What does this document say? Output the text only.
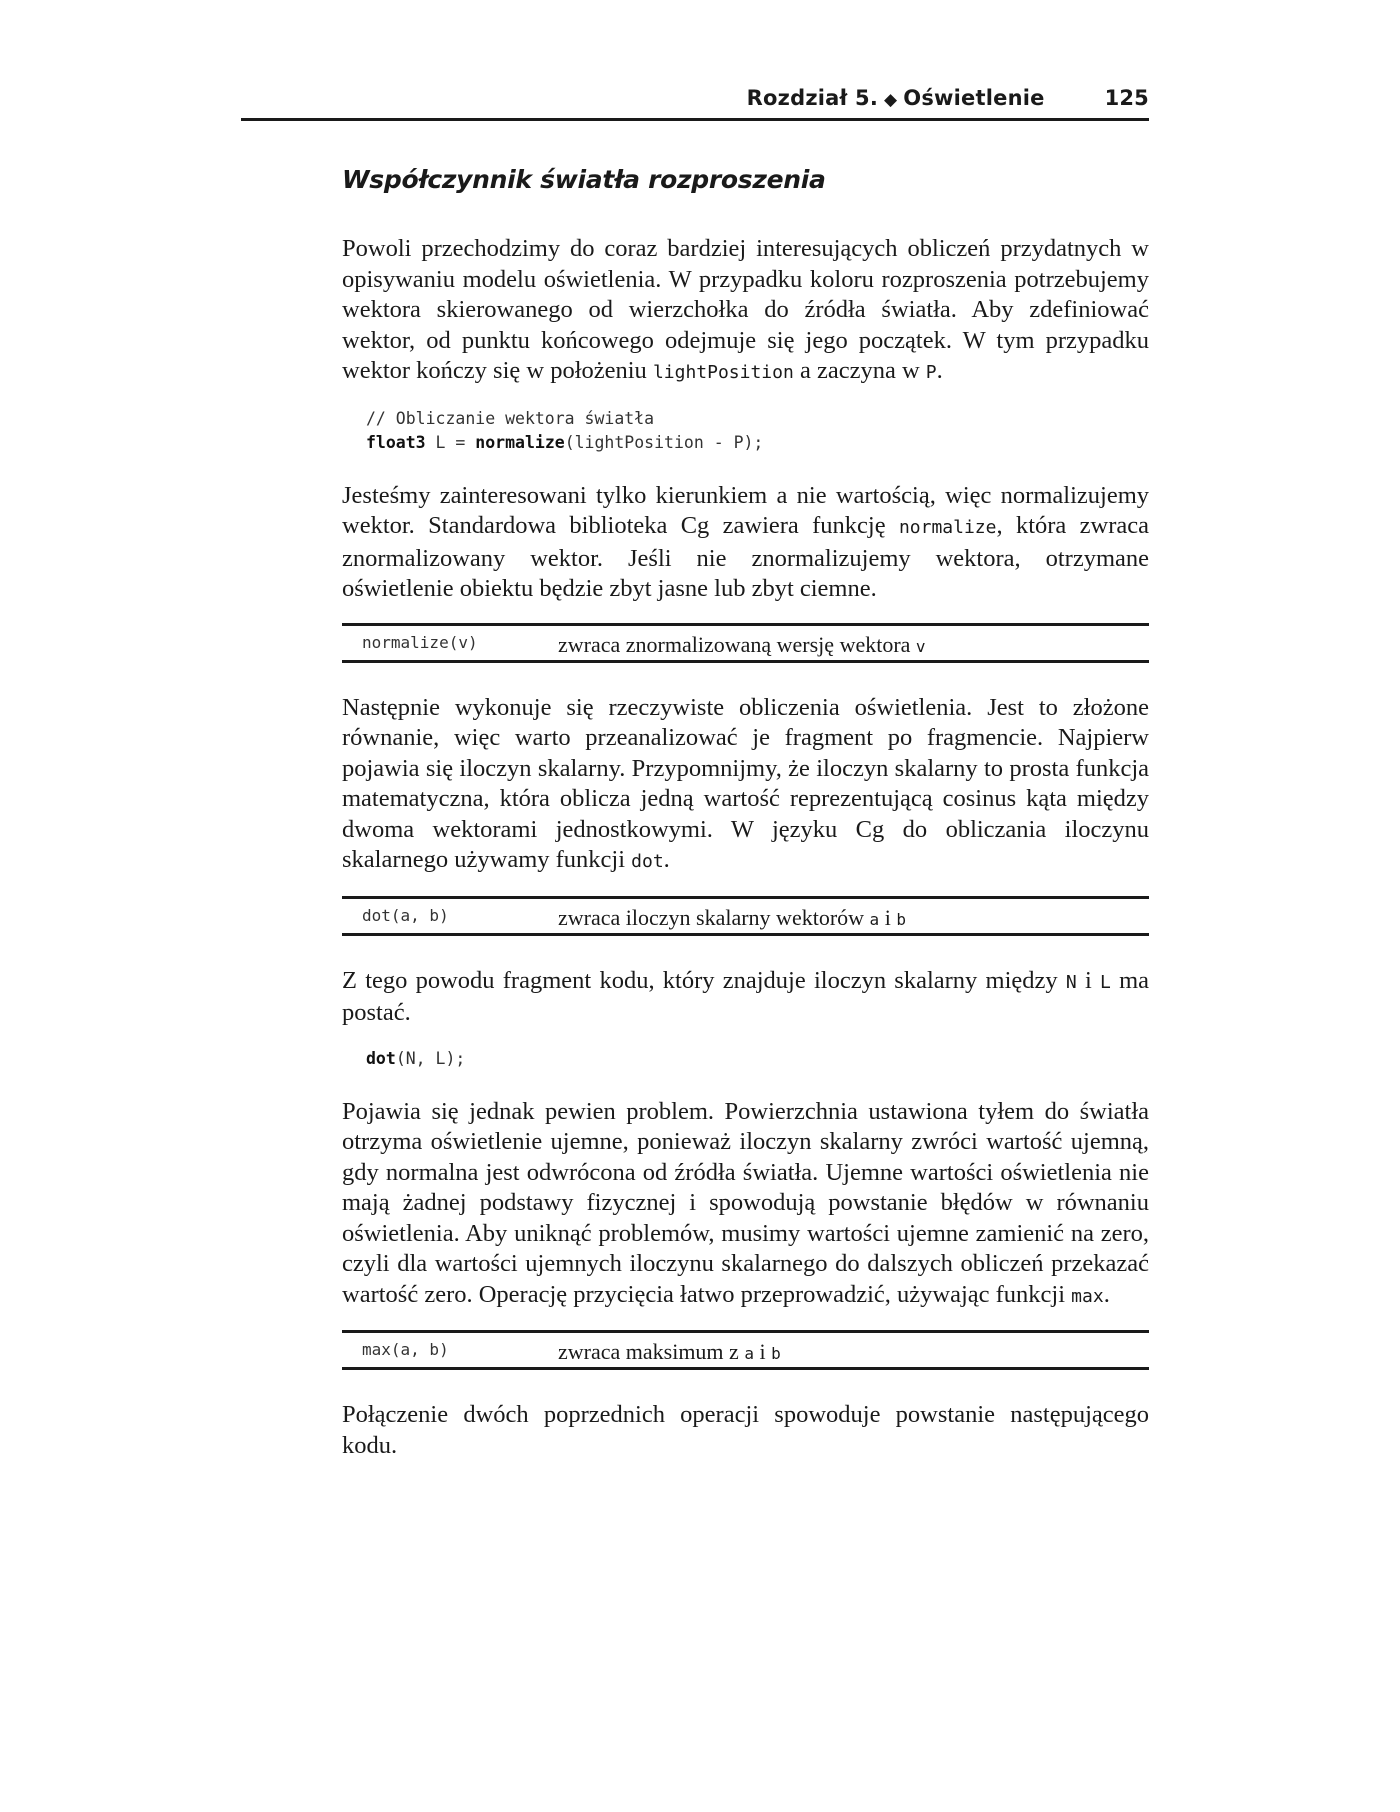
Rozdział 5. ◆ Oświetlenie	125
Współczynnik światła rozproszenia

Powoli przechodzimy do coraz bardziej interesujących obliczeń przydatnych w opisywaniu modelu oświetlenia. W przypadku koloru rozproszenia potrzebujemy wektora skierowanego od wierzchołka do źródła światła. Aby zdefiniować wektor, od punktu końcowego odejmuje się jego początek. W tym przypadku wektor kończy się w położeniu lightPosition a zaczyna w P.

// Obliczanie wektora światła
float3 L = normalize(lightPosition - P);

Jesteśmy zainteresowani tylko kierunkiem a nie wartością, więc normalizujemy wektor. Standardowa biblioteka Cg zawiera funkcję normalize, która zwraca znormalizowany wektor. Jeśli nie znormalizujemy wektora, otrzymane oświetlenie obiektu będzie zbyt jasne lub zbyt ciemne.

normalize(v)	zwraca znormalizowaną wersję wektora v

Następnie wykonuje się rzeczywiste obliczenia oświetlenia. Jest to złożone równanie, więc warto przeanalizować je fragment po fragmencie. Najpierw pojawia się iloczyn skalarny. Przypomnijmy, że iloczyn skalarny to prosta funkcja matematyczna, która oblicza jedną wartość reprezentującą cosinus kąta między dwoma wektorami jednostkowymi. W języku Cg do obliczania iloczynu skalarnego używamy funkcji dot.

dot(a, b)	zwraca iloczyn skalarny wektorów a i b

Z tego powodu fragment kodu, który znajduje iloczyn skalarny między N i L ma postać.

dot(N, L);

Pojawia się jednak pewien problem. Powierzchnia ustawiona tyłem do światła otrzyma oświetlenie ujemne, ponieważ iloczyn skalarny zwróci wartość ujemną, gdy normalna jest odwrócona od źródła światła. Ujemne wartości oświetlenia nie mają żadnej podstawy fizycznej i spowodują powstanie błędów w równaniu oświetlenia. Aby uniknąć problemów, musimy wartości ujemne zamienić na zero, czyli dla wartości ujemnych iloczynu skalarnego do dalszych obliczeń przekazać wartość zero. Operację przycięcia łatwo przeprowadzić, używając funkcji max.

max(a, b)	zwraca maksimum z a i b

Połączenie dwóch poprzednich operacji spowoduje powstanie następującego kodu.
